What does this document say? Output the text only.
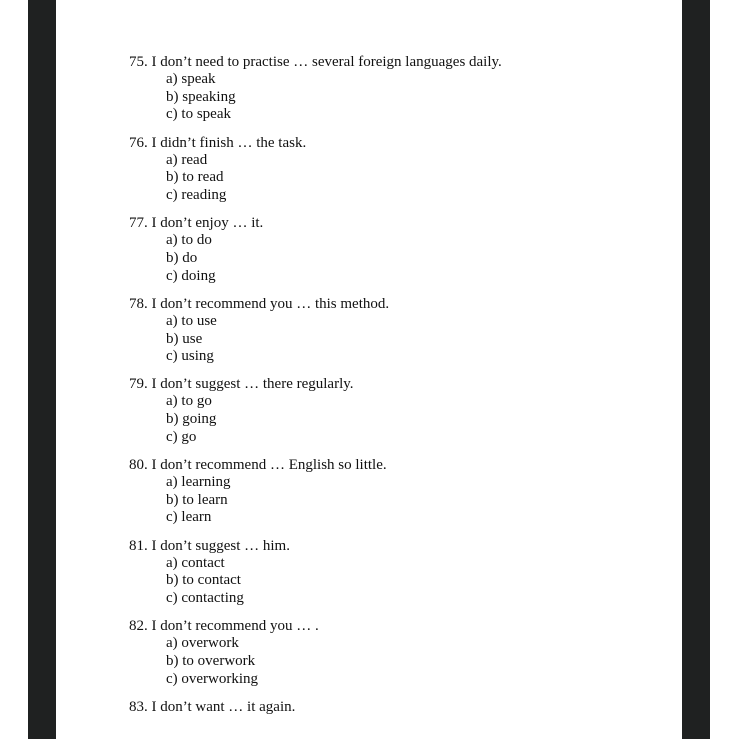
75. I don’t need to practise … several foreign languages daily.
a) speak
b) speaking
c) to speak
76. I didn’t finish … the task.
a) read
b) to read
c) reading
77. I don’t enjoy … it.
a) to do
b) do
c) doing
78. I don’t recommend you … this method.
a) to use
b) use
c) using
79. I don’t suggest … there regularly.
a) to go
b) going
c) go
80. I don’t recommend … English so little.
a) learning
b) to learn
c) learn
81. I don’t suggest … him.
a) contact
b) to contact
c) contacting
82. I don’t recommend you … .
a) overwork
b) to overwork
c) overworking
83. I don’t want … it again.
